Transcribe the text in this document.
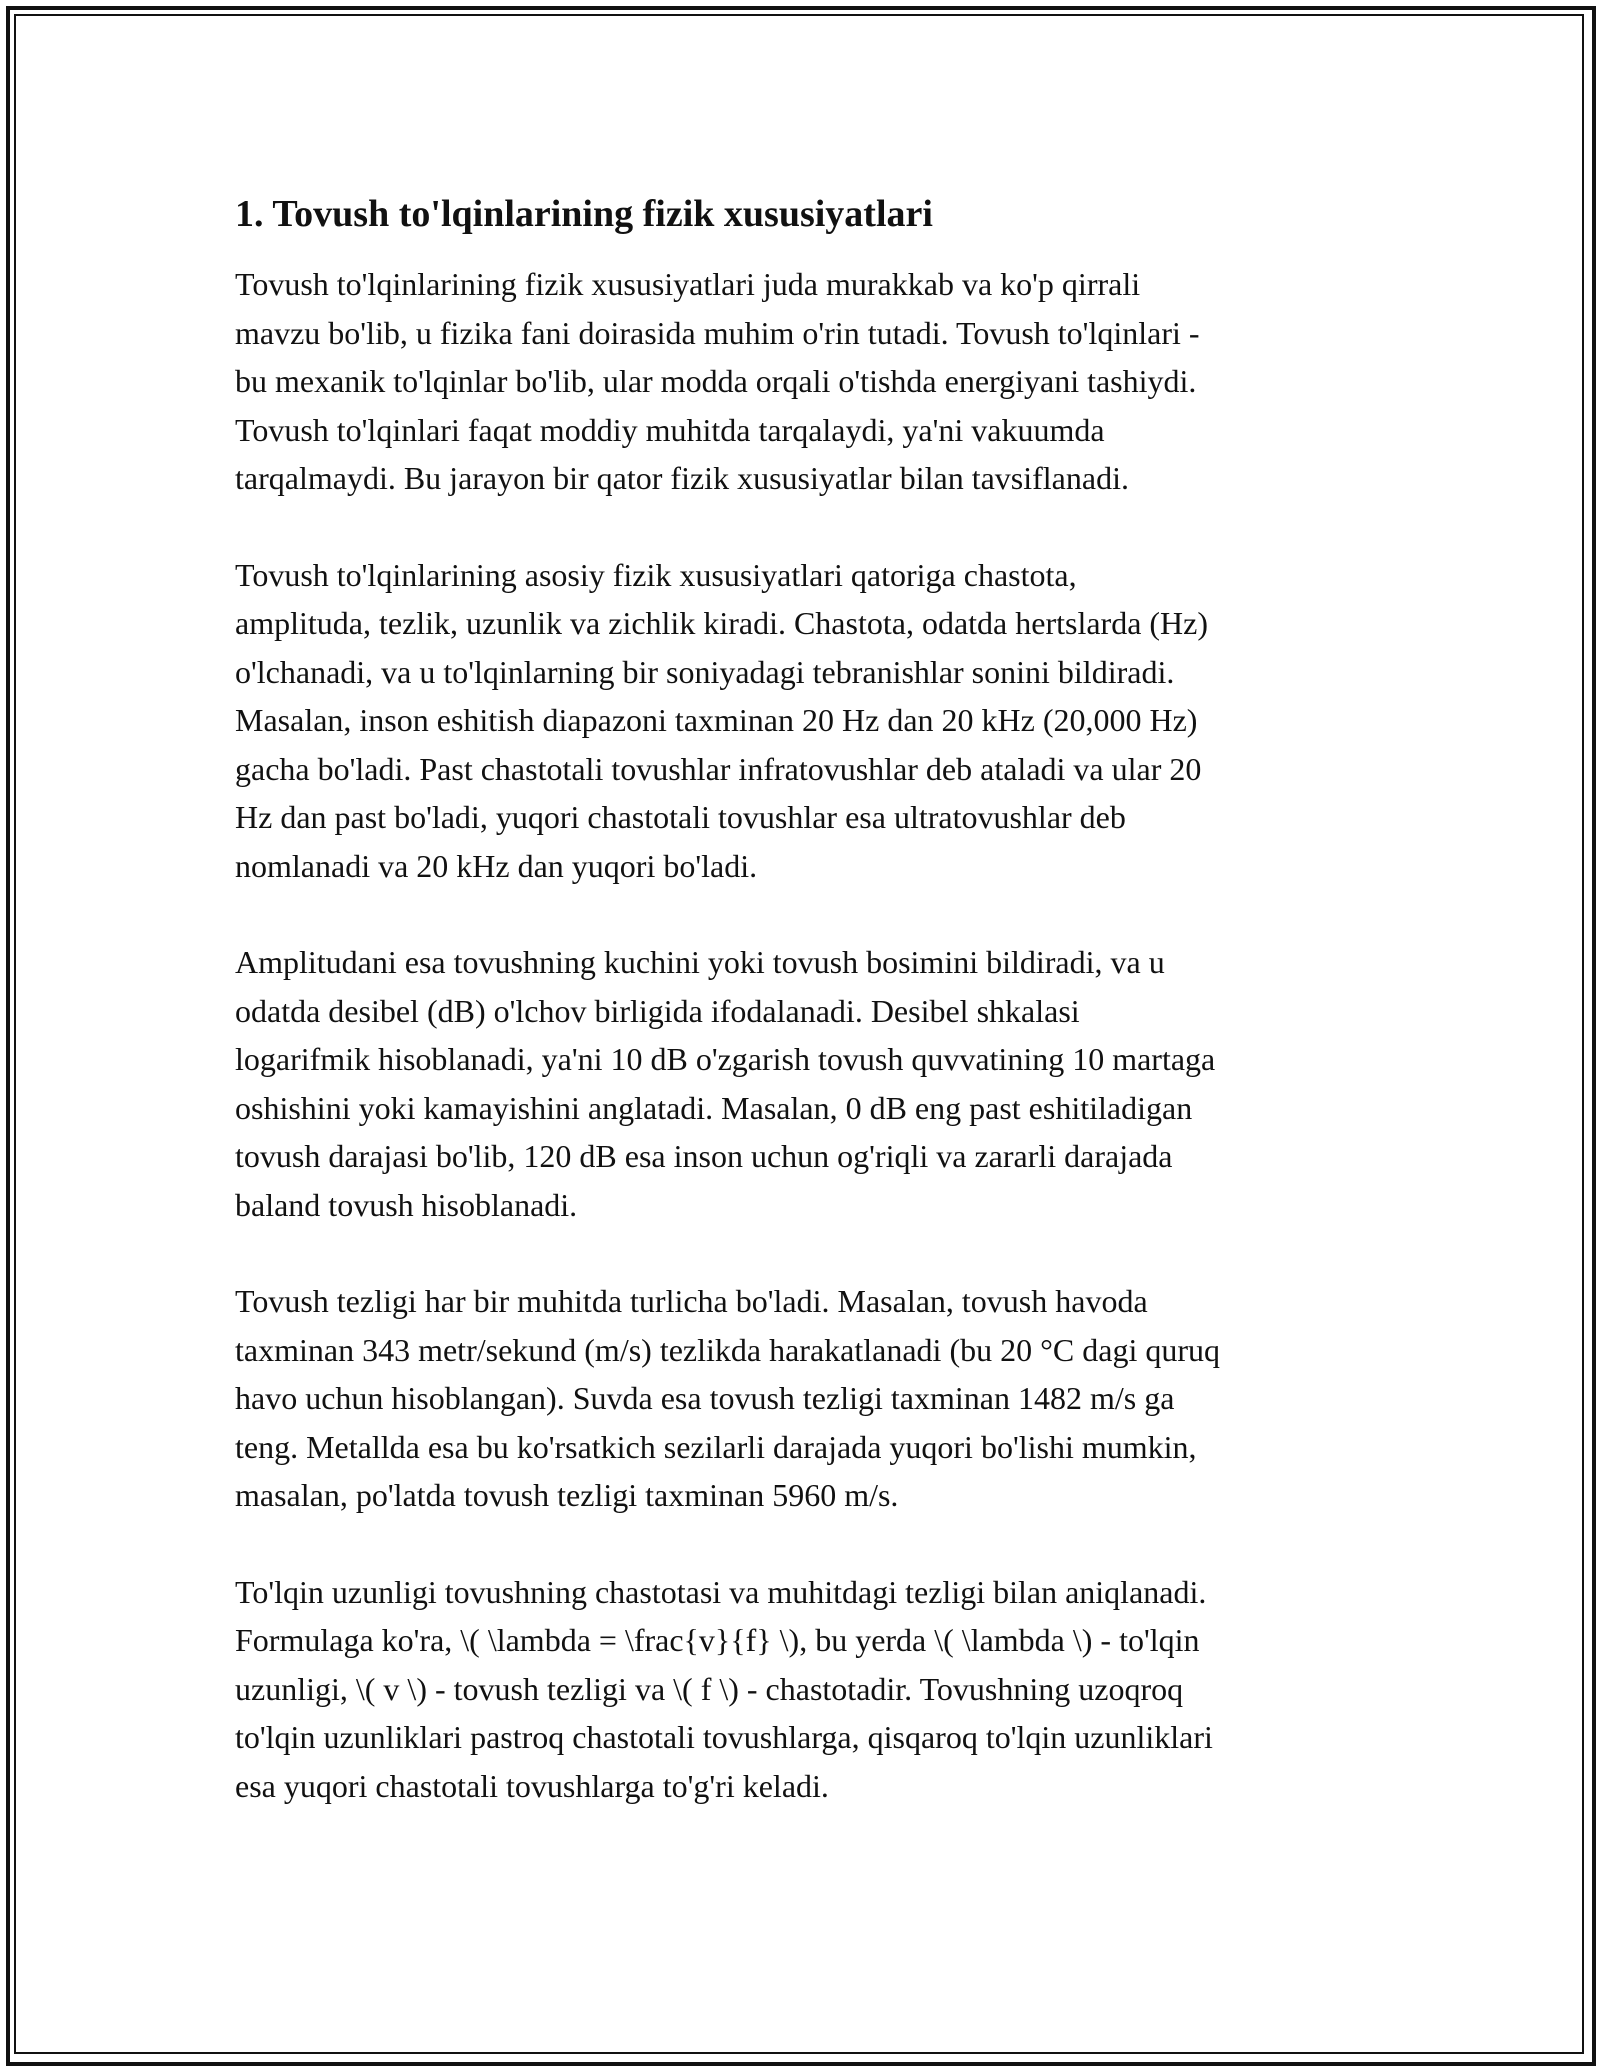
1. Tovush to'lqinlarining fizik xususiyatlari

Tovush to'lqinlarining fizik xususiyatlari juda murakkab va ko'p qirrali
mavzu bo'lib, u fizika fani doirasida muhim o'rin tutadi. Tovush to'lqinlari -
bu mexanik to'lqinlar bo'lib, ular modda orqali o'tishda energiyani tashiydi.
Tovush to'lqinlari faqat moddiy muhitda tarqalaydi, ya'ni vakuumda
tarqalmaydi. Bu jarayon bir qator fizik xususiyatlar bilan tavsiflanadi.

Tovush to'lqinlarining asosiy fizik xususiyatlari qatoriga chastota,
amplituda, tezlik, uzunlik va zichlik kiradi. Chastota, odatda hertslarda (Hz)
o'lchanadi, va u to'lqinlarning bir soniyadagi tebranishlar sonini bildiradi.
Masalan, inson eshitish diapazoni taxminan 20 Hz dan 20 kHz (20,000 Hz)
gacha bo'ladi. Past chastotali tovushlar infratovushlar deb ataladi va ular 20
Hz dan past bo'ladi, yuqori chastotali tovushlar esa ultratovushlar deb
nomlanadi va 20 kHz dan yuqori bo'ladi.

Amplitudani esa tovushning kuchini yoki tovush bosimini bildiradi, va u
odatda desibel (dB) o'lchov birligida ifodalanadi. Desibel shkalasi
logarifmik hisoblanadi, ya'ni 10 dB o'zgarish tovush quvvatining 10 martaga
oshishini yoki kamayishini anglatadi. Masalan, 0 dB eng past eshitiladigan
tovush darajasi bo'lib, 120 dB esa inson uchun og'riqli va zararli darajada
baland tovush hisoblanadi.

Tovush tezligi har bir muhitda turlicha bo'ladi. Masalan, tovush havoda
taxminan 343 metr/sekund (m/s) tezlikda harakatlanadi (bu 20 °C dagi quruq
havo uchun hisoblangan). Suvda esa tovush tezligi taxminan 1482 m/s ga
teng. Metallda esa bu ko'rsatkich sezilarli darajada yuqori bo'lishi mumkin,
masalan, po'latda tovush tezligi taxminan 5960 m/s.

To'lqin uzunligi tovushning chastotasi va muhitdagi tezligi bilan aniqlanadi.
Formulaga ko'ra, \( \lambda = \frac{v}{f} \), bu yerda \( \lambda \) - to'lqin
uzunligi, \( v \) - tovush tezligi va \( f \) - chastotadir. Tovushning uzoqroq
to'lqin uzunliklari pastroq chastotali tovushlarga, qisqaroq to'lqin uzunliklari
esa yuqori chastotali tovushlarga to'g'ri keladi.
